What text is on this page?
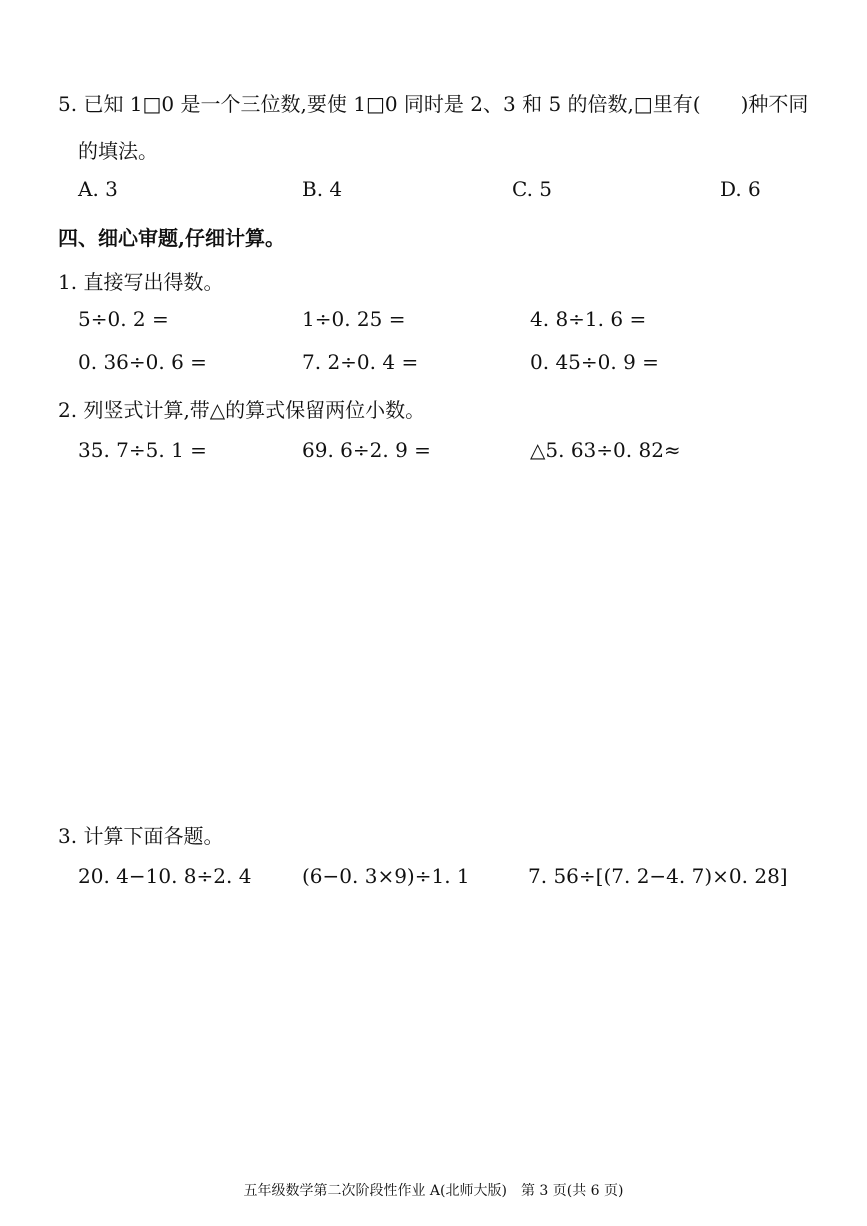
5. 已知 1□0 是一个三位数,要使 1□0 同时是 2、3 和 5 的倍数,□里有(　　)种不同
的填法。
A. 3	B. 4	C. 5	D. 6
四、细心审题,仔细计算。
1. 直接写出得数。
5÷0. 2 =	1÷0. 25 =	4. 8÷1. 6 =
0. 36÷0. 6 =	7. 2÷0. 4 =	0. 45÷0. 9 =
2. 列竖式计算,带△的算式保留两位小数。
35. 7÷5. 1 =	69. 6÷2. 9 =	△5. 63÷0. 82≈
3. 计算下面各题。
20. 4−10. 8÷2. 4	(6−0. 3×9)÷1. 1	7. 56÷[(7. 2−4. 7)×0. 28]
五年级数学第二次阶段性作业 A(北师大版)　第 3 页(共 6 页)
